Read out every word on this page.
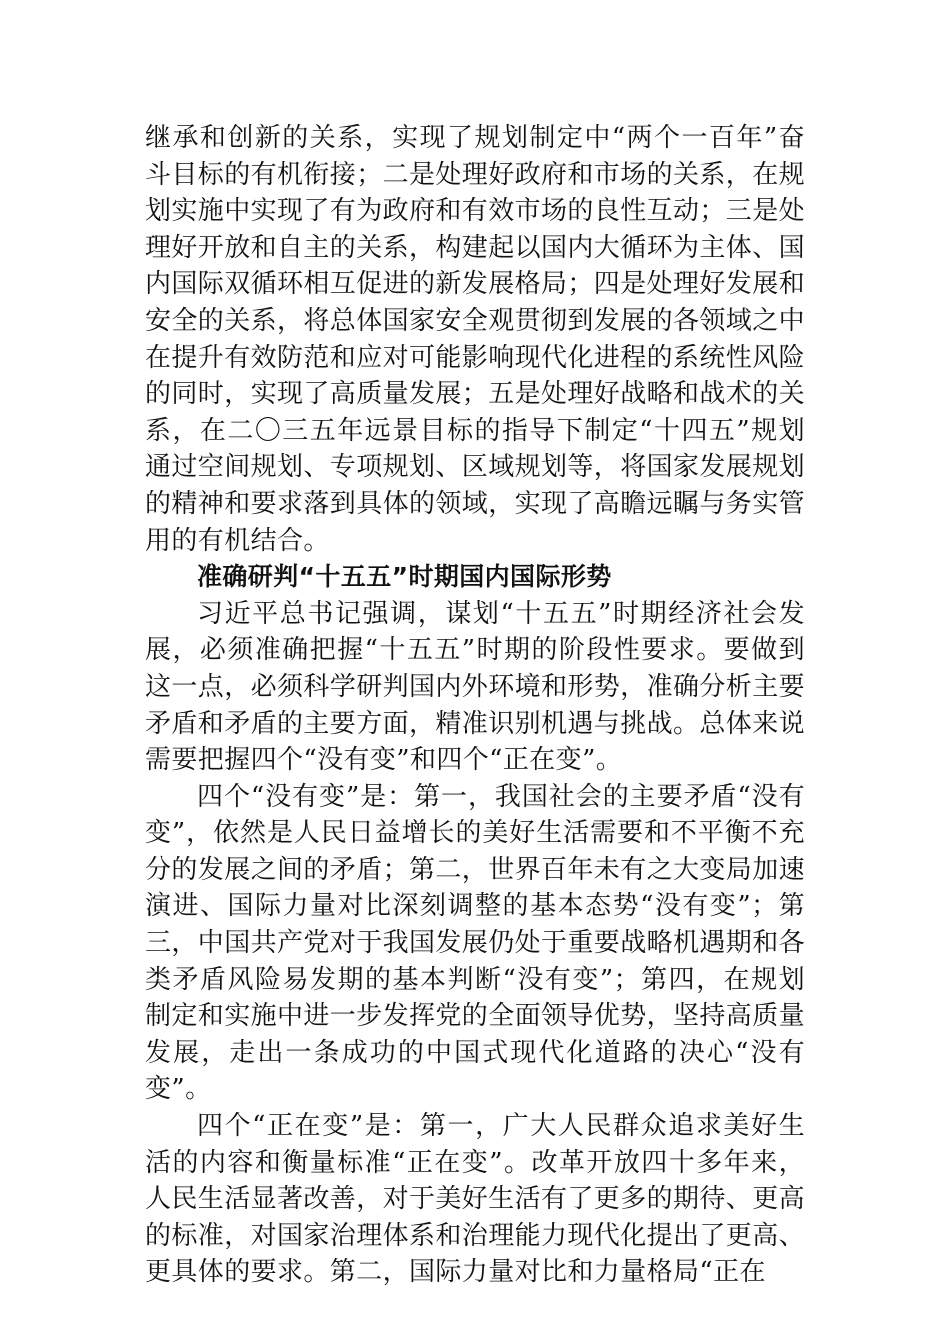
继承和创新的关系，实现了规划制定中“两个一百年”奋斗目标的有机衔接；二是处理好政府和市场的关系，在规划实施中实现了有为政府和有效市场的良性互动；三是处理好开放和自主的关系，构建起以国内大循环为主体、国内国际双循环相互促进的新发展格局；四是处理好发展和安全的关系，将总体国家安全观贯彻到发展的各领域之中在提升有效防范和应对可能影响现代化进程的系统性风险的同时，实现了高质量发展；五是处理好战略和战术的关系，在二〇三五年远景目标的指导下制定“十四五”规划通过空间规划、专项规划、区域规划等，将国家发展规划的精神和要求落到具体的领域，实现了高瞻远瞩与务实管用的有机结合。

准确研判“十五五”时期国内国际形势

习近平总书记强调，谋划“十五五”时期经济社会发展，必须准确把握“十五五”时期的阶段性要求。要做到这一点，必须科学研判国内外环境和形势，准确分析主要矛盾和矛盾的主要方面，精准识别机遇与挑战。总体来说需要把握四个“没有变”和四个“正在变”。

四个“没有变”是：第一，我国社会的主要矛盾“没有变”，依然是人民日益增长的美好生活需要和不平衡不充分的发展之间的矛盾；第二，世界百年未有之大变局加速演进、国际力量对比深刻调整的基本态势“没有变”；第三，中国共产党对于我国发展仍处于重要战略机遇期和各类矛盾风险易发期的基本判断“没有变”；第四，在规划制定和实施中进一步发挥党的全面领导优势，坚持高质量发展，走出一条成功的中国式现代化道路的决心“没有变”。

四个“正在变”是：第一，广大人民群众追求美好生活的内容和衡量标准“正在变”。改革开放四十多年来，人民生活显著改善，对于美好生活有了更多的期待、更高的标准，对国家治理体系和治理能力现代化提出了更高、更具体的要求。第二，国际力量对比和力量格局“正在
